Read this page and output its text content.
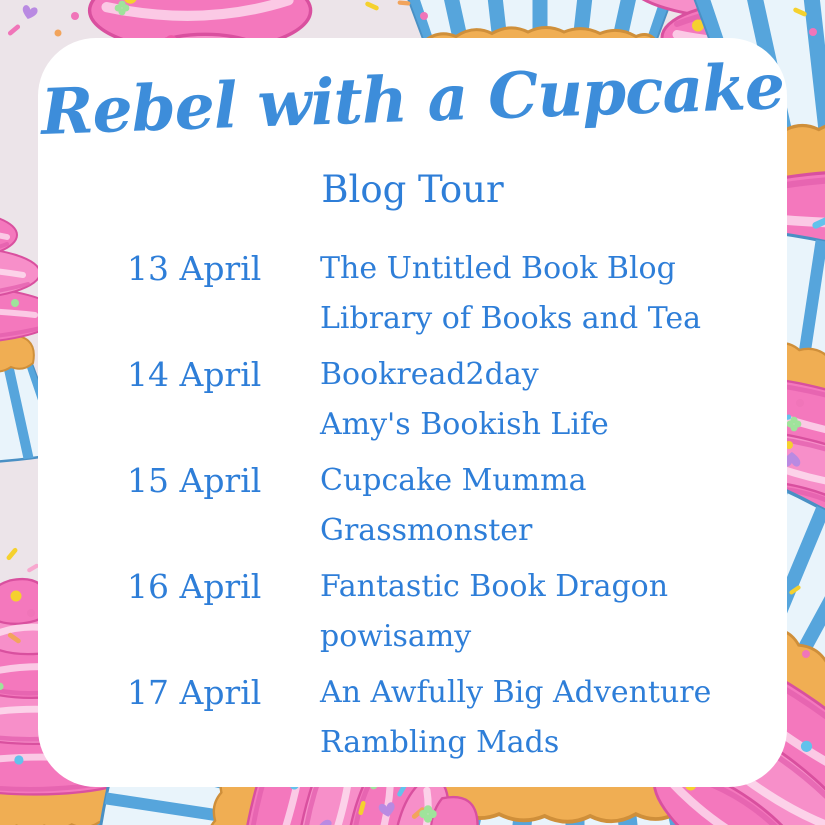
Rebel with a Cupcake
Blog Tour
13 April	The Untitled Book Blog
Library of Books and Tea
14 April	Bookread2day
Amy's Bookish Life
15 April	Cupcake Mumma
Grassmonster
16 April	Fantastic Book Dragon
powisamy
17 April	An Awfully Big Adventure
Rambling Mads
